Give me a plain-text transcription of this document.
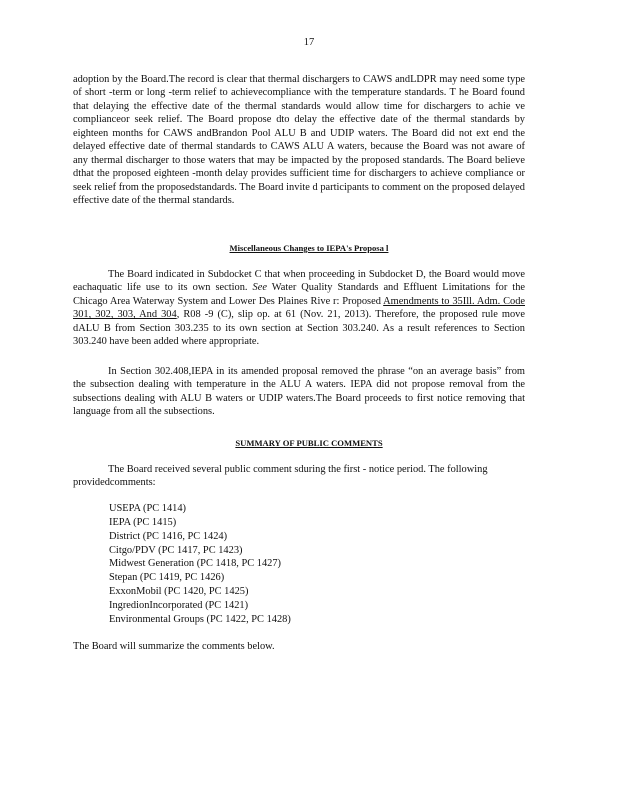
17

adoption by the Board.The record is clear that thermal dischargers to CAWS andLDPR may need some type of short -term or long -term relief to achievecompliance with the temperature standards. T he Board found that delaying the effective date of the thermal standards would allow time for dischargers to achie ve complianceor seek relief. The Board propose dto delay the effective date of the thermal standards by eighteen months for CAWS andBrandon Pool ALU B and UDIP waters. The Board did not ext end the delayed effective date of thermal standards to CAWS ALU A waters, because the Board was not aware of any thermal discharger to those waters that may be impacted by the proposed standards. The Board believe dthat the proposed eighteen -month delay provides sufficient time for dischargers to achieve compliance or seek relief from the proposedstandards. The Board invite d participants to comment on the proposed delayed effective date of the thermal standards.

Miscellaneous Changes to IEPA's Proposa l

The Board indicated in Subdocket C that when proceeding in Subdocket D, the Board would move eachaquatic life use to its own section. See Water Quality Standards and Effluent Limitations for the Chicago Area Waterway System and Lower Des Plaines Rive r: Proposed Amendments to 35Ill. Adm. Code 301, 302, 303, And 304, R08 -9 (C), slip op. at 61 (Nov. 21, 2013). Therefore, the proposed rule move dALU B from Section 303.235 to its own section at Section 303.240. As a result references to Section 303.240 have been added where appropriate.

In Section 302.408,IEPA in its amended proposal removed the phrase “on an average basis” from the subsection dealing with temperature in the ALU A waters. IEPA did not propose removal from the subsections dealing with ALU B waters or UDIP waters.The Board proceeds to first notice removing that language from all the subsections.

SUMMARY OF PUBLIC COMMENTS

The Board received several public comment sduring the first - notice period. The following providedcomments:

USEPA (PC 1414)
IEPA (PC 1415)
District (PC 1416, PC 1424)
Citgo/PDV (PC 1417, PC 1423)
Midwest Generation (PC 1418, PC 1427)
Stepan (PC 1419, PC 1426)
ExxonMobil (PC 1420, PC 1425)
IngredionIncorporated (PC 1421)
Environmental Groups (PC 1422, PC 1428)

The Board will summarize the comments below.
